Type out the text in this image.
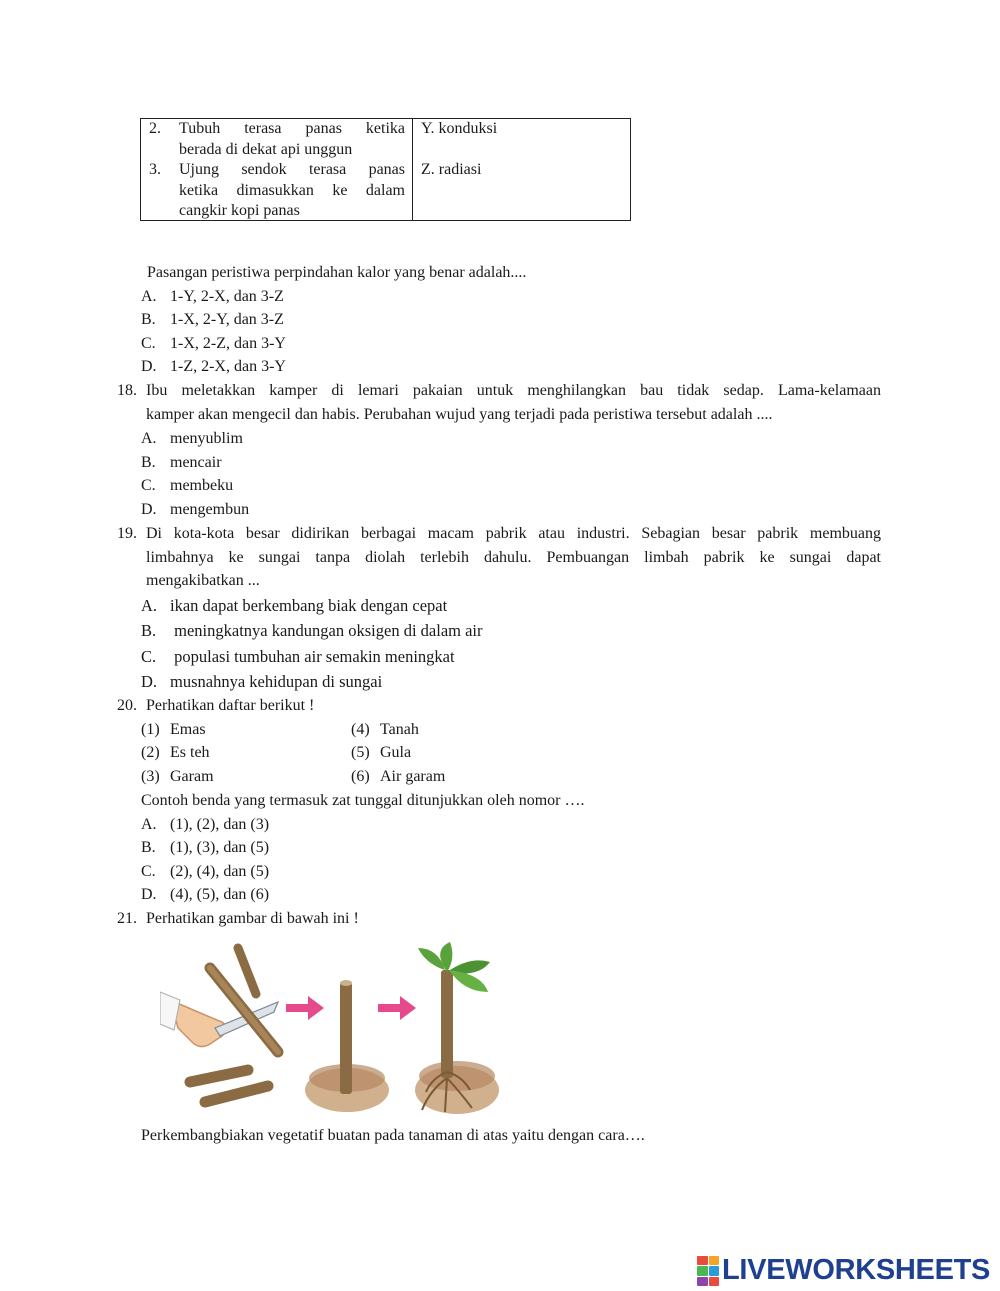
2. Tubuh terasa panas ketika
berada di dekat api unggun
Y. konduksi
3. Ujung sendok terasa panas
ketika dimasukkan ke dalam
cangkir kopi panas
Z. radiasi
Pasangan peristiwa perpindahan kalor yang benar adalah....
A. 1-Y, 2-X, dan 3-Z
B. 1-X, 2-Y, dan 3-Z
C. 1-X, 2-Z, dan 3-Y
D. 1-Z, 2-X, dan 3-Y
18. Ibu meletakkan kamper di lemari pakaian untuk menghilangkan bau tidak sedap. Lama-kelamaan
kamper akan mengecil dan habis. Perubahan wujud yang terjadi pada peristiwa tersebut adalah ....
A. menyublim
B. mencair
C. membeku
D. mengembun
19. Di kota-kota besar didirikan berbagai macam pabrik atau industri. Sebagian besar pabrik membuang
limbahnya ke sungai tanpa diolah terlebih dahulu. Pembuangan limbah pabrik ke sungai dapat
mengakibatkan ...
A. ikan dapat berkembang biak dengan cepat
B. meningkatnya kandungan oksigen di dalam air
C. populasi tumbuhan air semakin meningkat
D. musnahnya kehidupan di sungai
20. Perhatikan daftar berikut !
(1) Emas
(2) Es teh
(3) Garam
(4) Tanah
(5) Gula
(6) Air garam
Contoh benda yang termasuk zat tunggal ditunjukkan oleh nomor ….
A. (1), (2), dan (3)
B. (1), (3), dan (5)
C. (2), (4), dan (5)
D. (4), (5), dan (6)
21. Perhatikan gambar di bawah ini !
Perkembangbiakan vegetatif buatan pada tanaman di atas yaitu dengan cara….
LIVEWORKSHEETS
